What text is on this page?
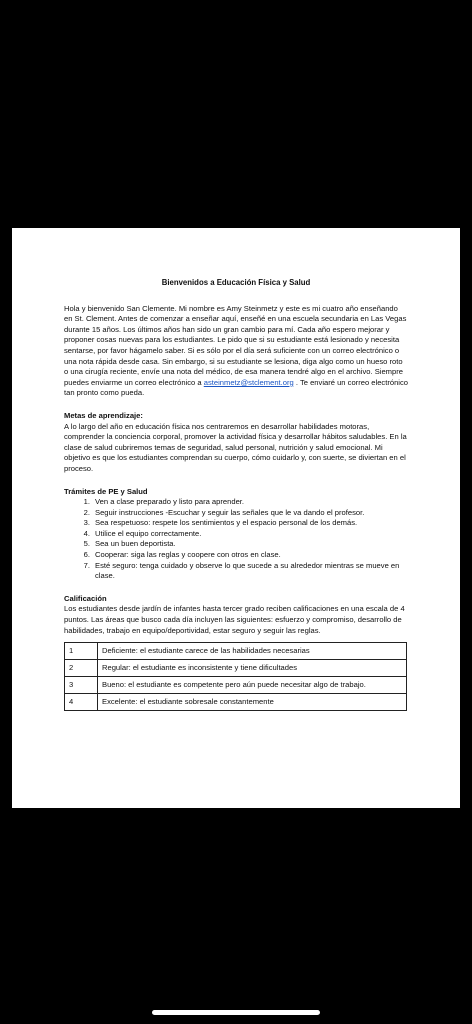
Bienvenidos a Educación Física y Salud

Hola y bienvenido San Clemente. Mi nombre es Amy Steinmetz y este es mi cuatro año enseñando en St. Clement. Antes de comenzar a enseñar aquí, enseñé en una escuela secundaria en Las Vegas durante 15 años. Los últimos años han sido un gran cambio para mí. Cada año espero mejorar y proponer cosas nuevas para los estudiantes. Le pido que si su estudiante está lesionado y necesita sentarse, por favor hágamelo saber. Si es sólo por el día será suficiente con un correo electrónico o una nota rápida desde casa. Sin embargo, si su estudiante se lesiona, diga algo como un hueso roto o una cirugía reciente, envíe una nota del médico, de esa manera tendré algo en el archivo. Siempre puedes enviarme un correo electrónico a asteinmetz@stclement.org . Te enviaré un correo electrónico tan pronto como pueda.

Metas de aprendizaje:

A lo largo del año en educación física nos centraremos en desarrollar habilidades motoras, comprender la conciencia corporal, promover la actividad física y desarrollar hábitos saludables. En la clase de salud cubriremos temas de seguridad, salud personal, nutrición y salud emocional. Mi objetivo es que los estudiantes comprendan su cuerpo, cómo cuidarlo y, con suerte, se diviertan en el proceso.

Trámites de PE y Salud
1. Ven a clase preparado y listo para aprender.
2. Seguir instrucciones -Escuchar y seguir las señales que le va dando el profesor.
3. Sea respetuoso: respete los sentimientos y el espacio personal de los demás.
4. Utilice el equipo correctamente.
5. Sea un buen deportista.
6. Cooperar: siga las reglas y coopere con otros en clase.
7. Esté seguro: tenga cuidado y observe lo que sucede a su alrededor mientras se mueve en clase.
Calificación

Los estudiantes desde jardín de infantes hasta tercer grado reciben calificaciones en una escala de 4 puntos. Las áreas que busco cada día incluyen las siguientes: esfuerzo y compromiso, desarrollo de habilidades, trabajo en equipo/deportividad, estar seguro y seguir las reglas.

1	Deficiente: el estudiante carece de las habilidades necesarias
2	Regular: el estudiante es inconsistente y tiene dificultades
3	Bueno: el estudiante es competente pero aún puede necesitar algo de trabajo.
4	Excelente: el estudiante sobresale constantemente
